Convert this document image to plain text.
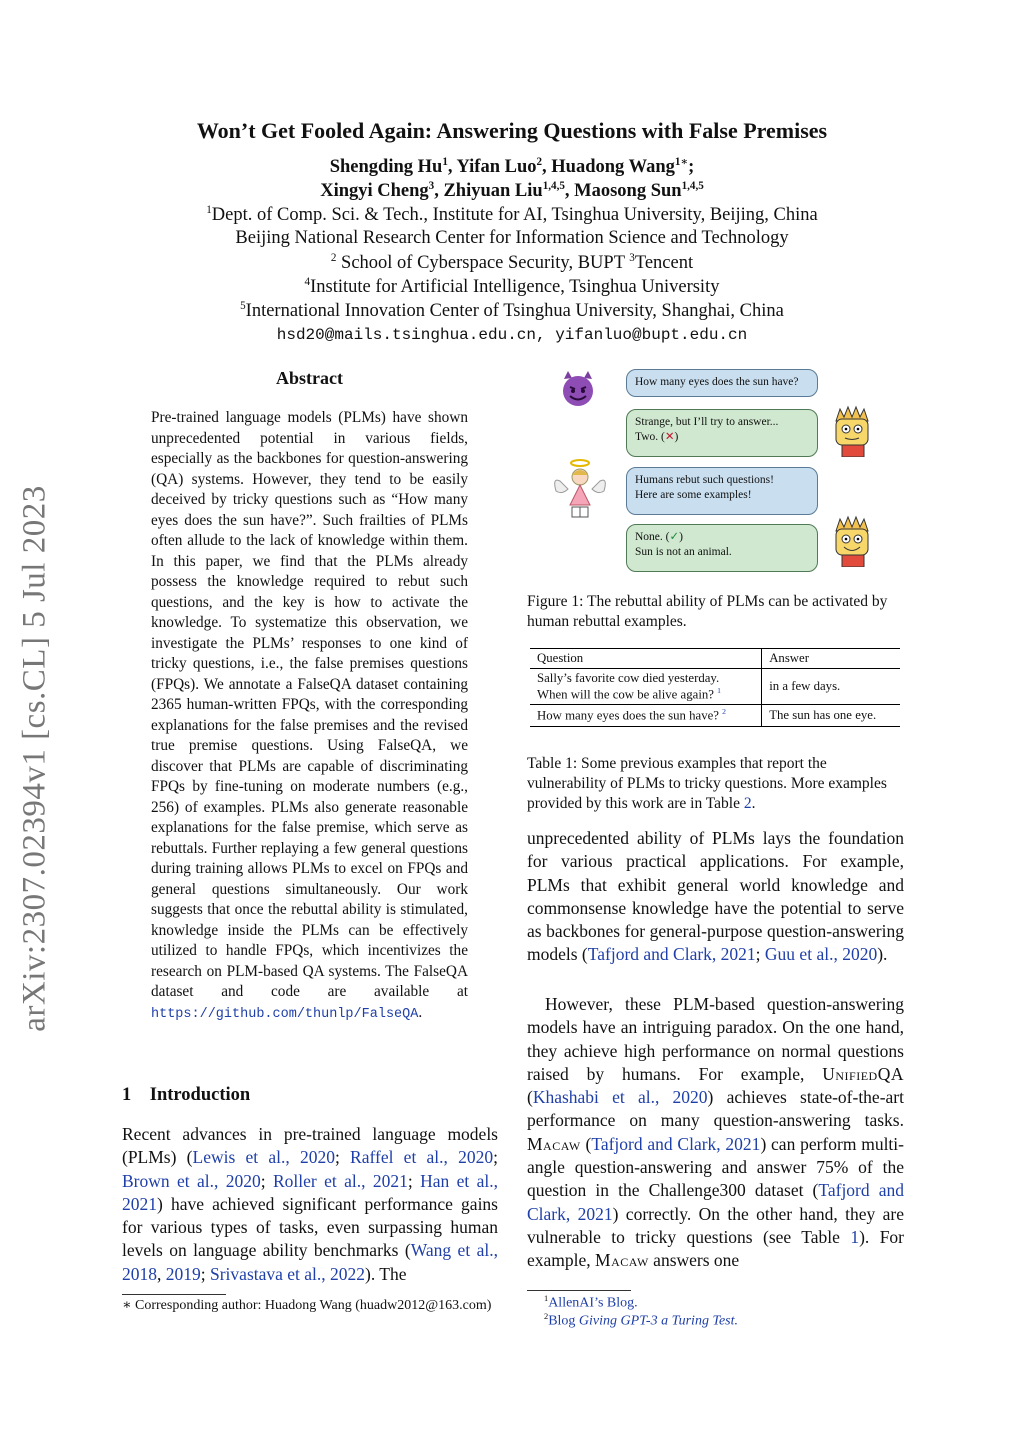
arXiv:2307.02394v1 [cs.CL] 5 Jul 2023
Won’t Get Fooled Again: Answering Questions with False Premises
Shengding Hu$^1$, Yifan Luo$^2$, Huadong Wang$^{1∗}$;
Xingyi Cheng$^3$, Zhiyuan Liu$^{1,4,5}$, Maosong Sun$^{1,4,5}$
$^1$Dept. of Comp. Sci. & Tech., Institute for AI, Tsinghua University, Beijing, China
Beijing National Research Center for Information Science and Technology
$^2$ School of Cyberspace Security, BUPT $^3$Tencent
$^4$Institute for Artificial Intelligence, Tsinghua University
$^5$International Innovation Center of Tsinghua University, Shanghai, China
hsd20@mails.tsinghua.edu.cn, yifanluo@bupt.edu.cn
Abstract
Pre-trained language models (PLMs) have shown unprecedented potential in various fields, especially as the backbones for question-answering (QA) systems. However, they tend to be easily deceived by tricky questions such as “How many eyes does the sun have?”. Such frailties of PLMs often allude to the lack of knowledge within them. In this paper, we find that the PLMs already possess the knowledge required to rebut such questions, and the key is how to activate the knowledge. To systematize this observation, we investigate the PLMs’ responses to one kind of tricky questions, i.e., the false premises questions (FPQs). We annotate a FalseQA dataset containing 2365 human-written FPQs, with the corresponding explanations for the false premises and the revised true premise questions. Using FalseQA, we discover that PLMs are capable of discriminating FPQs by fine-tuning on moderate numbers (e.g., 256) of examples. PLMs also generate reasonable explanations for the false premise, which serve as rebuttals. Further replaying a few general questions during training allows PLMs to excel on FPQs and general questions simultaneously. Our work suggests that once the rebuttal ability is stimulated, knowledge inside the PLMs can be effectively utilized to handle FPQs, which incentivizes the research on PLM-based QA systems. The FalseQA dataset and code are available at https://github.com/thunlp/FalseQA.
1 Introduction
Recent advances in pre-trained language models (PLMs) (Lewis et al., 2020; Raffel et al., 2020; Brown et al., 2020; Roller et al., 2021; Han et al., 2021) have achieved significant performance gains for various types of tasks, even surpassing human levels on language ability benchmarks (Wang et al., 2018, 2019; Srivastava et al., 2022). The
∗ Corresponding author: Huadong Wang (huadw2012@163.com)
How many eyes does the sun have?
Strange, but I’ll try to answer...
Two. (✕)
Humans rebut such questions!
Here are some examples!
None. (✓)
Sun is not an animal.
Figure 1: The rebuttal ability of PLMs can be activated by human rebuttal examples.
Question	Answer

Sally’s favorite cow died yesterday.
When will the cow be alive again? $^1$	in a few days.
How many eyes does the sun have? $^2$	The sun has one eye.
Table 1: Some previous examples that report the vulnerability of PLMs to tricky questions. More examples provided by this work are in Table 2.
unprecedented ability of PLMs lays the foundation for various practical applications. For example, PLMs that exhibit general world knowledge and commonsense knowledge have the potential to serve as backbones for general-purpose question-answering models (Tafjord and Clark, 2021; Guu et al., 2020).
However, these PLM-based question-answering models have an intriguing paradox. On the one hand, they achieve high performance on normal questions raised by humans. For example, UnifiedQA (Khashabi et al., 2020) achieves state-of-the-art performance on many question-answering tasks. Macaw (Tafjord and Clark, 2021) can perform multi-angle question-answering and answer 75% of the question in the Challenge300 dataset (Tafjord and Clark, 2021) correctly. On the other hand, they are vulnerable to tricky questions (see Table 1). For example, Macaw answers one
$^1$AllenAI’s Blog.
$^2$Blog Giving GPT-3 a Turing Test.
